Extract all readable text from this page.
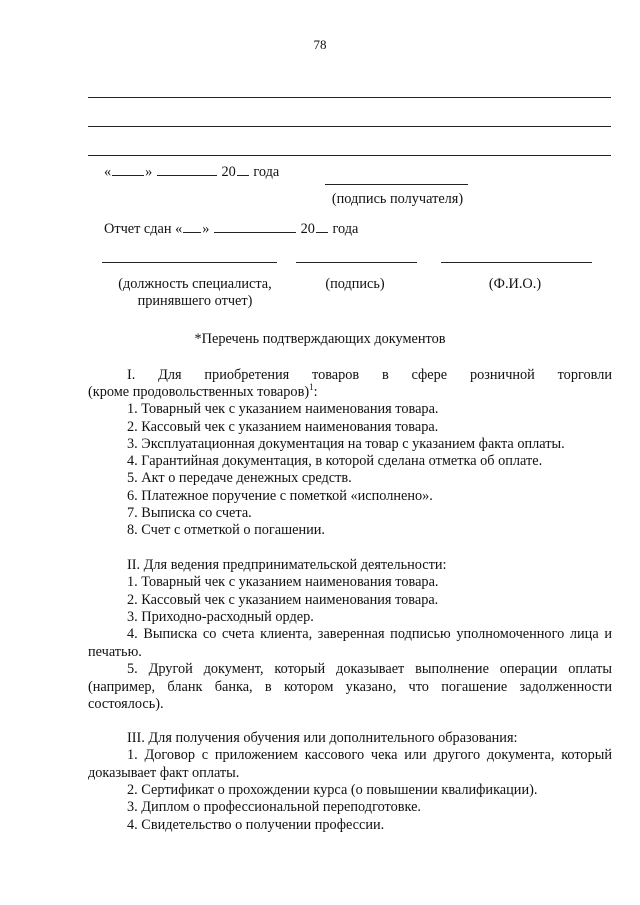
78
« »	20 года
(подпись получателя)
Отчет сдан « »	20 года
(должность специалиста, принявшего отчет)
(подпись)	(Ф.И.О.)
*Перечень подтверждающих документов
I. Для приобретения товаров в сфере розничной торговли
(кроме продовольственных товаров)$^1$:
1. Товарный чек с указанием наименования товара.
2. Кассовый чек с указанием наименования товара.
3. Эксплуатационная документация на товар с указанием факта оплаты.
4. Гарантийная документация, в которой сделана отметка об оплате.
5. Акт о передаче денежных средств.
6. Платежное поручение с пометкой «исполнено».
7. Выписка со счета.
8. Счет с отметкой о погашении.
II. Для ведения предпринимательской деятельности:
1. Товарный чек с указанием наименования товара.
2. Кассовый чек с указанием наименования товара.
3. Приходно-расходный ордер.
4. Выписка со счета клиента, заверенная подписью уполномоченного лица и печатью.
5. Другой документ, который доказывает выполнение операции оплаты (например, бланк банка, в котором указано, что погашение задолженности состоялось).
III. Для получения обучения или дополнительного образования:
1. Договор с приложением кассового чека или другого документа, который доказывает факт оплаты.
2. Сертификат о прохождении курса (о повышении квалификации).
3. Диплом о профессиональной переподготовке.
4. Свидетельство о получении профессии.
